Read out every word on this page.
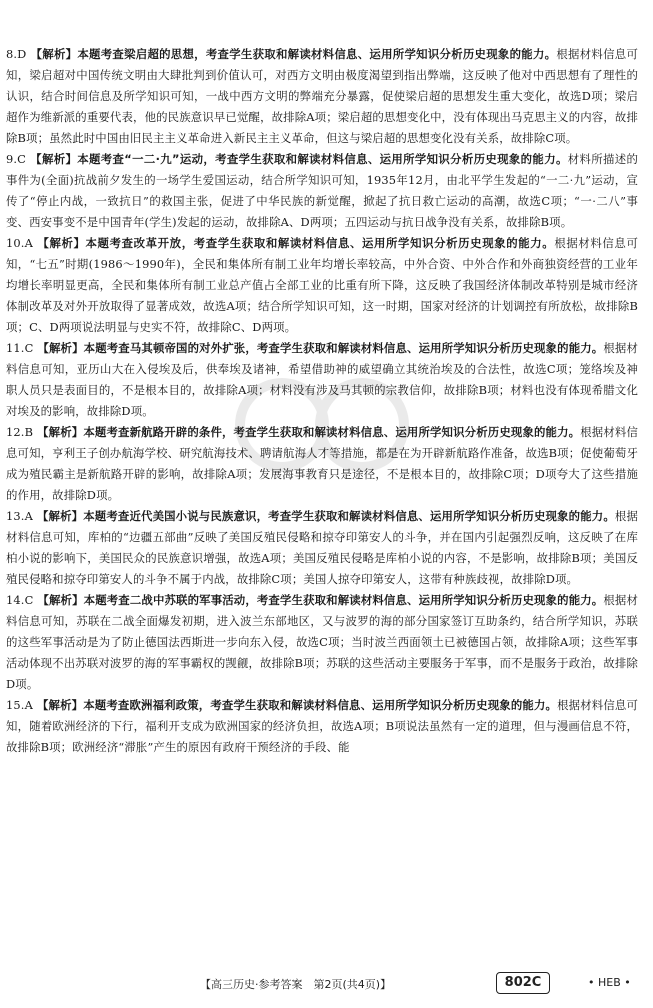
8.D 【解析】本题考查梁启超的思想，考查学生获取和解读材料信息、运用所学知识分析历史现象的能力。根据材料信息可知，梁启超对中国传统文明由大肆批判到价值认可，对西方文明由极度渴望到指出弊端，这反映了他对中西思想有了理性的认识，结合时间信息及所学知识可知，一战中西方文明的弊端充分暴露，促使梁启超的思想发生重大变化，故选D项；梁启超作为维新派的重要代表，他的民族意识早已觉醒，故排除A项；梁启超的思想变化中，没有体现出马克思主义的内容，故排除B项；虽然此时中国由旧民主主义革命进入新民主主义革命，但这与梁启超的思想变化没有关系，故排除C项。

9.C 【解析】本题考查“一二·九”运动，考查学生获取和解读材料信息、运用所学知识分析历史现象的能力。材料所描述的事件为(全面)抗战前夕发生的一场学生爱国运动，结合所学知识可知，1935年12月，由北平学生发起的“一二·九”运动，宣传了“停止内战，一致抗日”的救国主张，促进了中华民族的新觉醒，掀起了抗日救亡运动的高潮，故选C项；“一·二八”事变、西安事变不是中国青年(学生)发起的运动，故排除A、D两项；五四运动与抗日战争没有关系，故排除B项。

10.A 【解析】本题考查改革开放，考查学生获取和解读材料信息、运用所学知识分析历史现象的能力。根据材料信息可知，“七五”时期(1986～1990年)，全民和集体所有制工业年均增长率较高，中外合资、中外合作和外商独资经营的工业年均增长率明显更高，全民和集体所有制工业总产值占全部工业的比重有所下降，这反映了我国经济体制改革特别是城市经济体制改革及对外开放取得了显著成效，故选A项；结合所学知识可知，这一时期，国家对经济的计划调控有所放松，故排除B项；C、D两项说法明显与史实不符，故排除C、D两项。

11.C 【解析】本题考查马其顿帝国的对外扩张，考查学生获取和解读材料信息、运用所学知识分析历史现象的能力。根据材料信息可知，亚历山大在入侵埃及后，供奉埃及诸神，希望借助神的威望确立其统治埃及的合法性，故选C项；笼络埃及神职人员只是表面目的，不是根本目的，故排除A项；材料没有涉及马其顿的宗教信仰，故排除B项；材料也没有体现希腊文化对埃及的影响，故排除D项。

12.B 【解析】本题考查新航路开辟的条件，考查学生获取和解读材料信息、运用所学知识分析历史现象的能力。根据材料信息可知，亨利王子创办航海学校、研究航海技术、聘请航海人才等措施，都是在为开辟新航路作准备，故选B项；促使葡萄牙成为殖民霸主是新航路开辟的影响，故排除A项；发展海事教育只是途径，不是根本目的，故排除C项；D项夸大了这些措施的作用，故排除D项。

13.A 【解析】本题考查近代美国小说与民族意识，考查学生获取和解读材料信息、运用所学知识分析历史现象的能力。根据材料信息可知，库柏的“边疆五部曲”反映了美国反殖民侵略和掠夺印第安人的斗争，并在国内引起强烈反响，这反映了在库柏小说的影响下，美国民众的民族意识增强，故选A项；美国反殖民侵略是库柏小说的内容，不是影响，故排除B项；美国反殖民侵略和掠夺印第安人的斗争不属于内战，故排除C项；美国人掠夺印第安人，这带有种族歧视，故排除D项。

14.C 【解析】本题考查二战中苏联的军事活动，考查学生获取和解读材料信息、运用所学知识分析历史现象的能力。根据材料信息可知，苏联在二战全面爆发初期，进入波兰东部地区，又与波罗的海的部分国家签订互助条约，结合所学知识，苏联的这些军事活动是为了防止德国法西斯进一步向东入侵，故选C项；当时波兰西面领土已被德国占领，故排除A项；这些军事活动体现不出苏联对波罗的海的军事霸权的觊觎，故排除B项；苏联的这些活动主要服务于军事，而不是服务于政治，故排除D项。

15.A 【解析】本题考查欧洲福利政策，考查学生获取和解读材料信息、运用所学知识分析历史现象的能力。根据材料信息可知，随着欧洲经济的下行，福利开支成为欧洲国家的经济负担，故选A项；B项说法虽然有一定的道理，但与漫画信息不符，故排除B项；欧洲经济“滞胀”产生的原因有政府干预经济的手段、能

【高三历史·参考答案　第2页(共4页)】	802C	• HEB •
